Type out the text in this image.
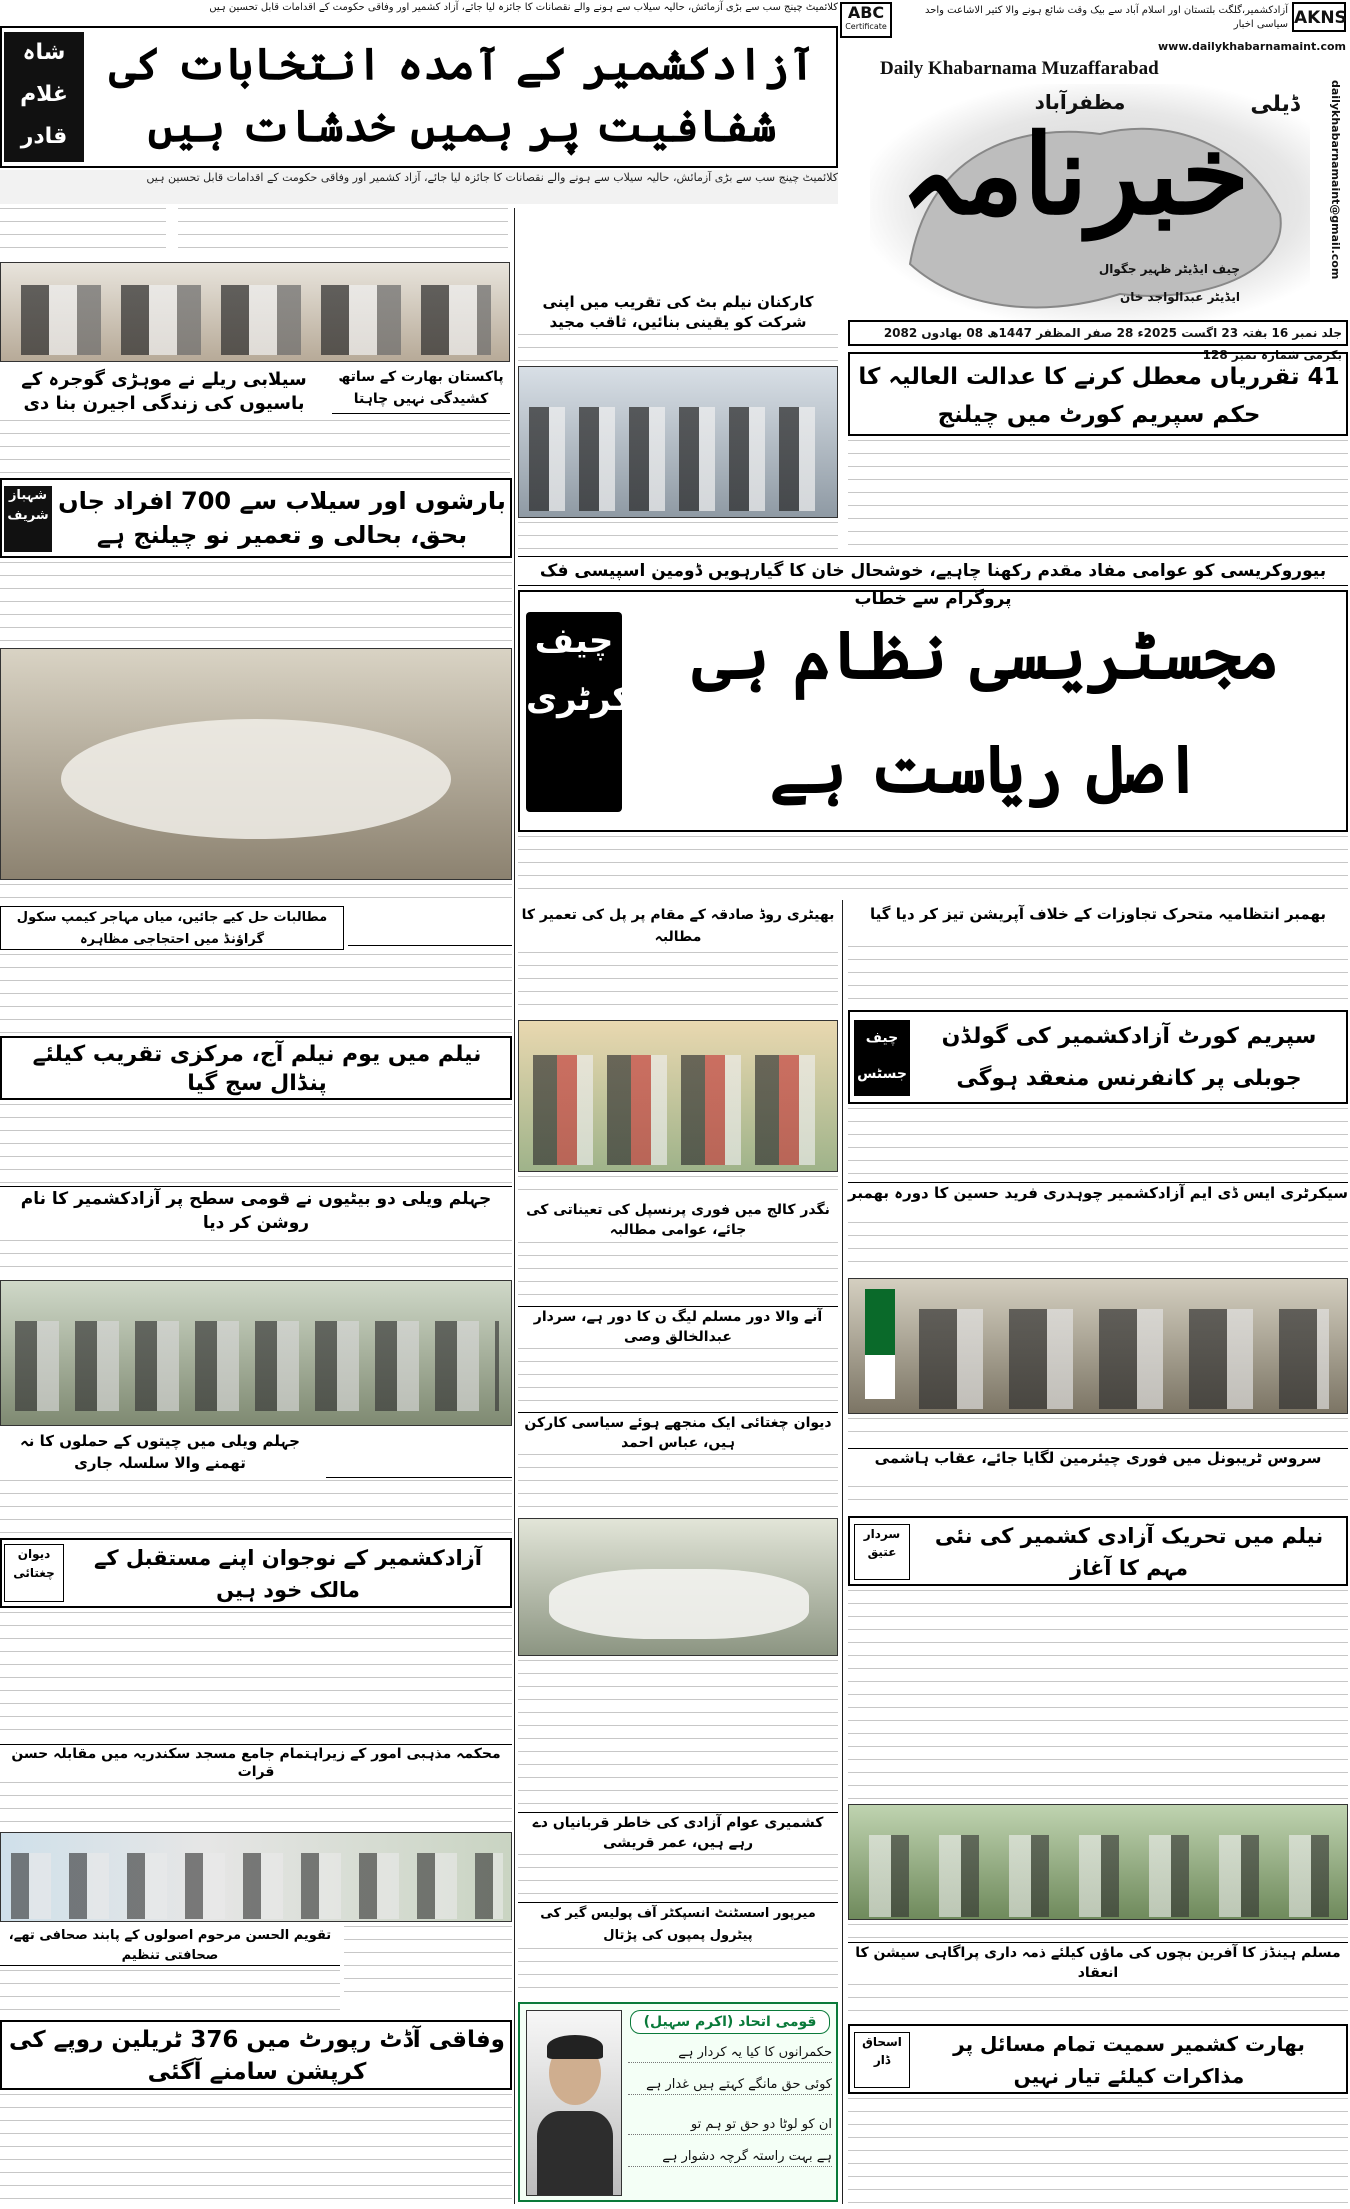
AKNS
ABC
Certificate
آزادکشمیر،گلگت بلتستان اور اسلام آباد سے بیک وقت شائع ہونے والا کثیر الاشاعت واحد سیاسی اخبار
www.dailykhabarnamaint.com
Daily Khabarnama Muzaffarabad
ڈیلی
مظفرآباد
خبرنامہ	dailykhabarnamaint@gmail.com
چیف ایڈیٹر ظہیر جگوال
ایڈیٹر عبدالواجد خان
جلد نمبر 16 بفتہ 23 اگست 2025ء 28 صفر المظفر 1447ھ 08 بھادوں 2082 بکرمی شمارہ نمبر 128
کلائمیٹ چینج سب سے بڑی آزمائش، حالیہ سیلاب سے ہونے والے نقصانات کا جائزہ لیا جائے، آزاد کشمیر اور وفاقی حکومت کے اقدامات قابل تحسین ہیں
شاہ غلام قادر
آزادکشمیر کے آمدہ انتخابات کی شفافیت پر ہمیں خدشات ہیں
کلائمیٹ چینج سب سے بڑی آزمائش، حالیہ سیلاب سے ہونے والے نقصانات کا جائزہ لیا جائے، آزاد کشمیر اور وفاقی حکومت کے اقدامات قابل تحسین ہیں
سیلابی ریلے نے موہڑی گوجرہ کے باسیوں کی زندگی اجیرن بنا دی
پاکستان بھارت کے ساتھ کشیدگی نہیں چاہتا
بارشوں اور سیلاب سے 700 افراد جاں بحق، بحالی و تعمیر نو چیلنج ہے
شہباز شریف
مطالبات حل کیے جائیں، میاں مہاجر کیمپ سکول گراؤنڈ میں احتجاجی مظاہرہ
نیلم میں یوم نیلم آج، مرکزی تقریب کیلئے پنڈال سج گیا
جہلم ویلی دو بیٹیوں نے قومی سطح پر آزادکشمیر کا نام روشن کر دیا
جہلم ویلی میں چیتوں کے حملوں کا نہ تھمنے والا سلسلہ جاری
آزادکشمیر کے نوجوان اپنے مستقبل کے مالک خود ہیں
دیوان چغتائی
محکمہ مذہبی امور کے زیراہتمام جامع مسجد سکندریہ میں مقابلہ حسن قرات
تقویم الحسن مرحوم اصولوں کے پابند صحافی تھے، صحافتی تنظیم
وفاقی آڈٹ رپورٹ میں 376 ٹریلین روپے کی کرپشن سامنے آگئی
کارکنان نیلم بٹ کی تقریب میں اپنی شرکت کو یقینی بنائیں، ثاقب مجید
41 تقرریاں معطل کرنے کا عدالت العالیہ کا حکم سپریم کورٹ میں چیلنج
بیوروکریسی کو عوامی مفاد مقدم رکھنا چاہیے، خوشحال خان کا گیارہویں ڈومین اسپیسی فک پروگرام سے خطاب
مجسٹریسی نظام ہی اصل ریاست ہے
چیف سیکرٹری
بھیٹری روڈ صادقہ کے مقام پر پل کی تعمیر کا مطالبہ
نگدر کالج میں فوری پرنسپل کی تعیناتی کی جائے، عوامی مطالبہ
آنے والا دور مسلم لیگ ن کا دور ہے، سردار عبدالخالق وصی
دیوان چغتائی ایک منجھے ہوئے سیاسی کارکن ہیں، عباس احمد
کشمیری عوام آزادی کی خاطر قربانیاں دے رہے ہیں، عمر قریشی
میرپور اسسٹنٹ انسپکٹر آف پولیس گیر کی پیٹرول پمپوں کی پڑتال
قومی اتحاد (اکرم سہیل)
حکمرانوں کا کیا یہ کردار ہے
کوئی حق مانگے کہتے ہیں غدار ہے
ان کو لوٹا دو حق تو ہم تو
ہے بہت راستہ گرچہ دشوار ہے
بھمبر انتظامیہ متحرک تجاوزات کے خلاف آپریشن تیز کر دیا گیا
سپریم کورٹ آزادکشمیر کی گولڈن جوبلی پر کانفرنس منعقد ہوگی
چیف جسٹس
سیکرٹری ایس ڈی ایم آزادکشمیر چوہدری فرید حسین کا دورہ بھمبر
سروس ٹریبونل میں فوری چیئرمین لگایا جائے، عقاب ہاشمی
نیلم میں تحریک آزادی کشمیر کی نئی مہم کا آغاز
سردار عتیق
مسلم ہینڈز کا آفرین بچوں کی ماؤں کیلئے ذمہ داری پراگاہی سیشن کا انعقاد
بھارت کشمیر سمیت تمام مسائل پر مذاکرات کیلئے تیار نہیں
اسحاق ڈار
